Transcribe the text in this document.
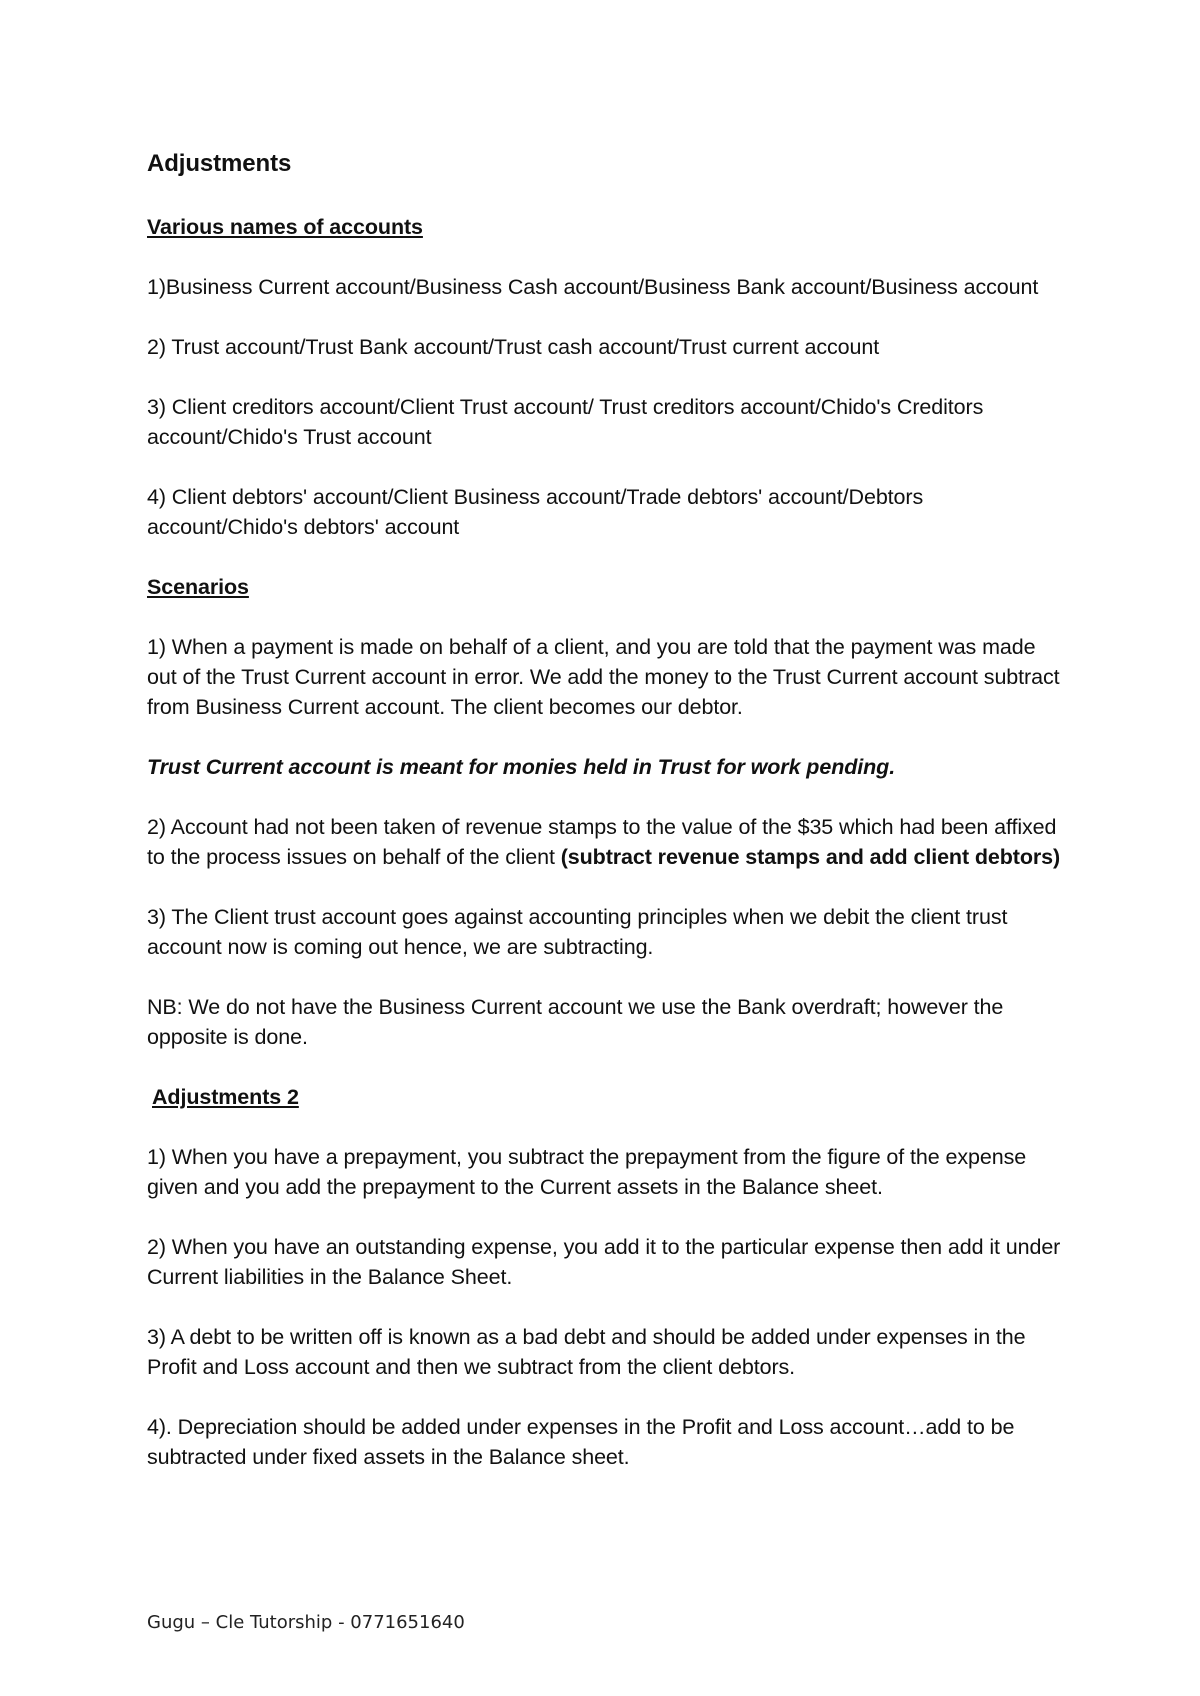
Adjustments
Various names of accounts

1)Business Current account/Business Cash account/Business Bank account/Business account

2) Trust account/Trust Bank account/Trust cash account/Trust current account

3) Client creditors account/Client Trust account/ Trust creditors account/Chido's Creditors account/Chido's Trust account

4) Client debtors' account/Client Business account/Trade debtors' account/Debtors account/Chido's debtors' account

Scenarios

1) When a payment is made on behalf of a client, and you are told that the payment was made out of the Trust Current account in error. We add the money to the Trust Current account subtract from Business Current account. The client becomes our debtor.

Trust Current account is meant for monies held in Trust for work pending.

2) Account had not been taken of revenue stamps to the value of the $35 which had been affixed to the process issues on behalf of the client (subtract revenue stamps and add client debtors)

3) The Client trust account goes against accounting principles when we debit the client trust account now is coming out hence, we are subtracting.

NB: We do not have the Business Current account we use the Bank overdraft; however the opposite is done.

Adjustments 2

1) When you have a prepayment, you subtract the prepayment from the figure of the expense given and you add the prepayment to the Current assets in the Balance sheet.

2) When you have an outstanding expense, you add it to the particular expense then add it under Current liabilities in the Balance Sheet.

3) A debt to be written off is known as a bad debt and should be added under expenses in the Profit and Loss account and then we subtract from the client debtors.

4). Depreciation should be added under expenses in the Profit and Loss account…add to be subtracted under fixed assets in the Balance sheet.

Gugu – Cle Tutorship - 0771651640
